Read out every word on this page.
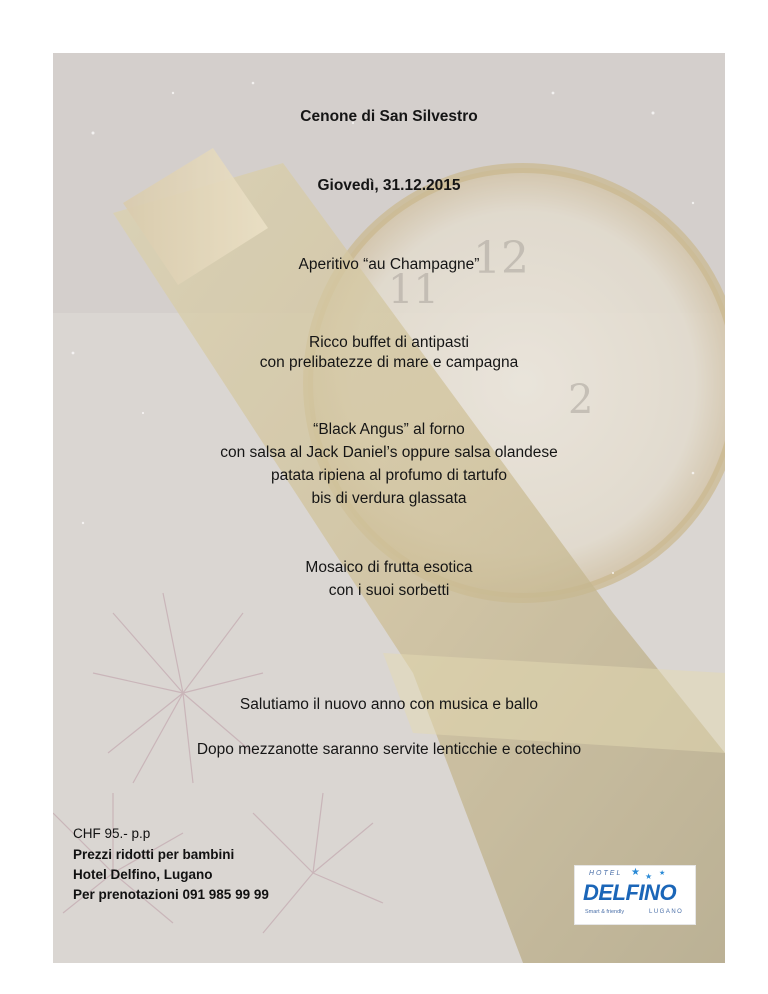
11
12
2
Cenone di San Silvestro
Giovedì, 31.12.2015
Aperitivo “au Champagne”
Ricco buffet di antipasti
con prelibatezze di mare e campagna
“Black Angus” al forno
con salsa al Jack Daniel’s oppure salsa olandese
patata ripiena al profumo di tartufo
bis di verdura glassata
Mosaico di frutta esotica
con i suoi sorbetti
Salutiamo il nuovo anno con musica e ballo
Dopo mezzanotte saranno servite lenticchie e cotechino
CHF 95.- p.p
Prezzi ridotti per bambini
Hotel Delfino, Lugano
Per prenotazioni 091 985 99 99
★ ★ ★
HOTEL
DELFINO
Smart & friendly	LUGANO
